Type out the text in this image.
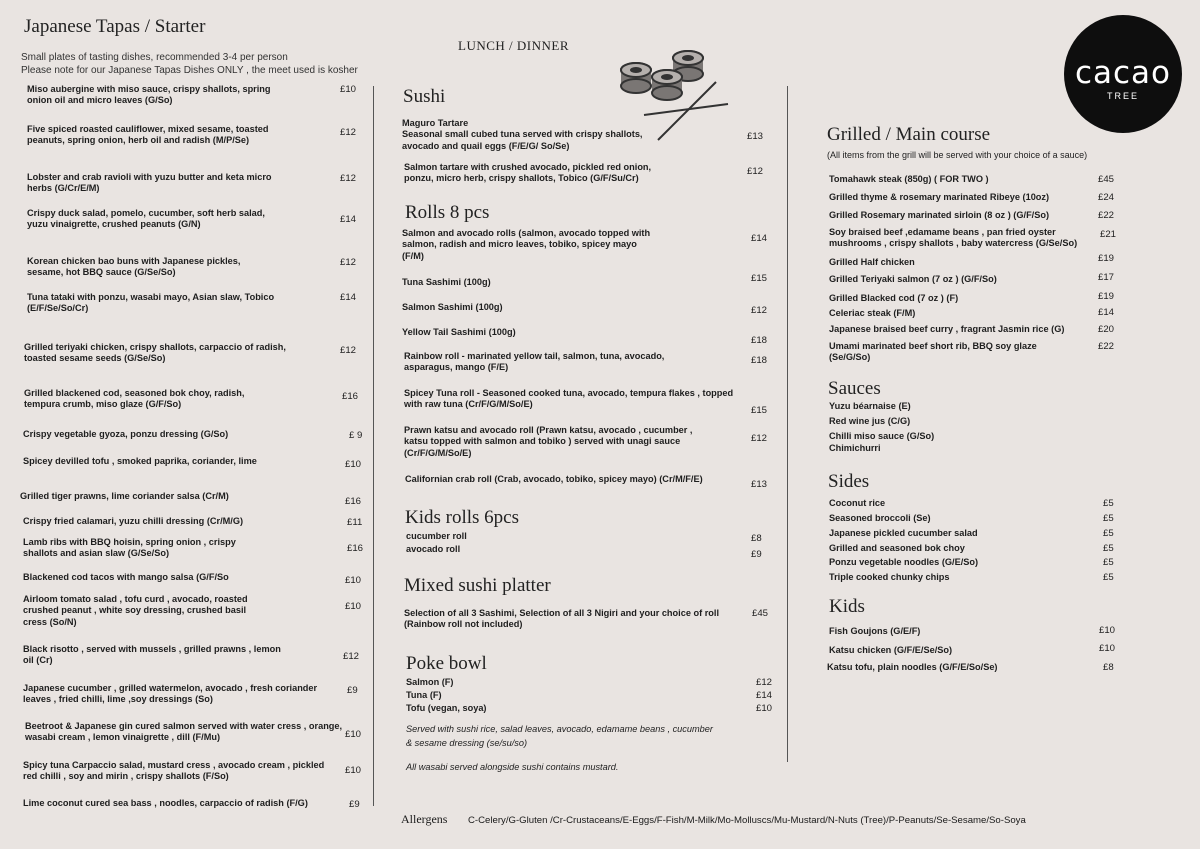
Japanese Tapas / Starter
Small plates of tasting dishes, recommended 3-4 per person
Please note for our Japanese Tapas Dishes ONLY , the meet used is kosher
Miso aubergine with miso sauce, crispy shallots, spring onion oil and micro leaves (G/So)
£10
Five spiced roasted cauliflower, mixed sesame, toasted peanuts, spring onion, herb oil and radish (M/P/Se)
£12
Lobster and crab ravioli with yuzu butter and keta micro herbs (G/Cr/E/M)
£12
Crispy duck salad, pomelo, cucumber, soft herb salad, yuzu vinaigrette, crushed peanuts (G/N)	£14
Korean chicken bao buns with Japanese pickles, sesame, hot BBQ sauce (G/Se/So)
£12
Tuna tataki with ponzu, wasabi mayo, Asian slaw, Tobico (E/F/Se/So/Cr)
£14
Grilled teriyaki chicken, crispy shallots, carpaccio of radish, toasted sesame seeds (G/Se/So)
£12
Grilled blackened cod, seasoned bok choy, radish, tempura crumb, miso glaze (G/F/So)
£16
Crispy vegetable gyoza, ponzu dressing (G/So)	£ 9
Spicey devilled tofu , smoked paprika, coriander, lime	£10
Grilled tiger prawns, lime coriander salsa (Cr/M)	£16
Crispy fried calamari, yuzu chilli dressing (Cr/M/G)	£11
Lamb ribs with BBQ hoisin, spring onion , crispy shallots and asian slaw (G/Se/So)	£16
Blackened cod tacos with mango salsa (G/F/So	£10
Airloom tomato salad , tofu curd , avocado, roasted crushed peanut , white soy dressing, crushed basil cress (So/N)
£10
Black risotto , served with mussels , grilled prawns , lemon oil (Cr)	£12
Japanese cucumber , grilled watermelon, avocado , fresh coriander leaves , fried chilli, lime ,soy dressings (So)
£9
Beetroot & Japanese gin cured salmon served with water cress , orange, wasabi cream , lemon vinaigrette , dill (F/Mu)	£10
Spicy tuna Carpaccio salad, mustard cress , avocado cream , pickled red chilli , soy and mirin , crispy shallots (F/So)
£10
Lime coconut cured sea bass , noodles, carpaccio of radish (F/G)	£9
LUNCH / DINNER
Sushi
Maguro Tartare
Seasonal small cubed tuna served with crispy shallots, avocado and quail eggs (F/E/G/ So/Se)
£13
Salmon tartare with crushed avocado, pickled red onion, ponzu, micro herb, crispy shallots, Tobico (G/F/Su/Cr)
£12
Rolls 8 pcs
Salmon and avocado rolls (salmon, avocado topped with salmon, radish and micro leaves, tobiko, spicey mayo (F/M)
£14
Tuna Sashimi (100g)	£15
Salmon Sashimi (100g)	£12
Yellow Tail Sashimi (100g)
£18
Rainbow roll - marinated yellow tail, salmon, tuna, avocado, asparagus, mango (F/E)
£18
Spicey Tuna roll - Seasoned cooked tuna, avocado, tempura flakes , topped with raw tuna (Cr/F/G/M/So/E)
£15
Prawn katsu and avocado roll (Prawn katsu, avocado , cucumber , katsu topped with salmon and tobiko ) served with unagi sauce (Cr/F/G/M/So/E)
£12
Californian crab roll (Crab, avocado, tobiko, spicey mayo) (Cr/M/F/E)	£13
Kids rolls 6pcs
cucumber roll	£8
avocado roll	£9
Mixed sushi platter
Selection of all 3 Sashimi, Selection of all 3 Nigiri and your choice of roll (Rainbow roll not included)
£45
Poke bowl
Salmon (F)	£12
Tuna (F)	£14
Tofu (vegan, soya)	£10
Served with sushi rice, salad leaves, avocado, edamame beans , cucumber & sesame dressing (se/su/so)
All wasabi served alongside sushi contains mustard.
cacao
TREE
Grilled / Main course
(All items from the grill will be served with your choice of a sauce)
Tomahawk steak (850g) ( FOR TWO )	£45
Grilled thyme & rosemary marinated Ribeye (10oz)	£24
Grilled Rosemary marinated sirloin (8 oz ) (G/F/So)	£22
Soy braised beef ,edamame beans , pan fried oyster mushrooms , crispy shallots , baby watercress (G/Se/So)
£21
Grilled Half chicken	£19
Grilled Teriyaki salmon (7 oz ) (G/F/So)	£17
Grilled Blacked cod (7 oz ) (F)	£19
Celeriac steak (F/M)	£14
Japanese braised beef curry , fragrant Jasmin rice (G)	£20
Umami marinated beef short rib, BBQ soy glaze (Se/G/So)
£22
Sauces
Yuzu béarnaise (E)
Red wine jus (C/G)
Chilli miso sauce (G/So)
Chimichurri
Sides
Coconut rice	£5
Seasoned broccoli (Se)	£5
Japanese pickled cucumber salad	£5
Grilled and seasoned bok choy	£5
Ponzu vegetable noodles (G/E/So)	£5
Triple cooked chunky chips	£5
Kids
Fish Goujons (G/E/F)	£10
Katsu chicken (G/F/E/Se/So)	£10
Katsu tofu, plain noodles (G/F/E/So/Se)	£8
Allergens C-Celery/G-Gluten /Cr-Crustaceans/E-Eggs/F-Fish/M-Milk/Mo-Molluscs/Mu-Mustard/N-Nuts (Tree)/P-Peanuts/Se-Sesame/So-Soya
